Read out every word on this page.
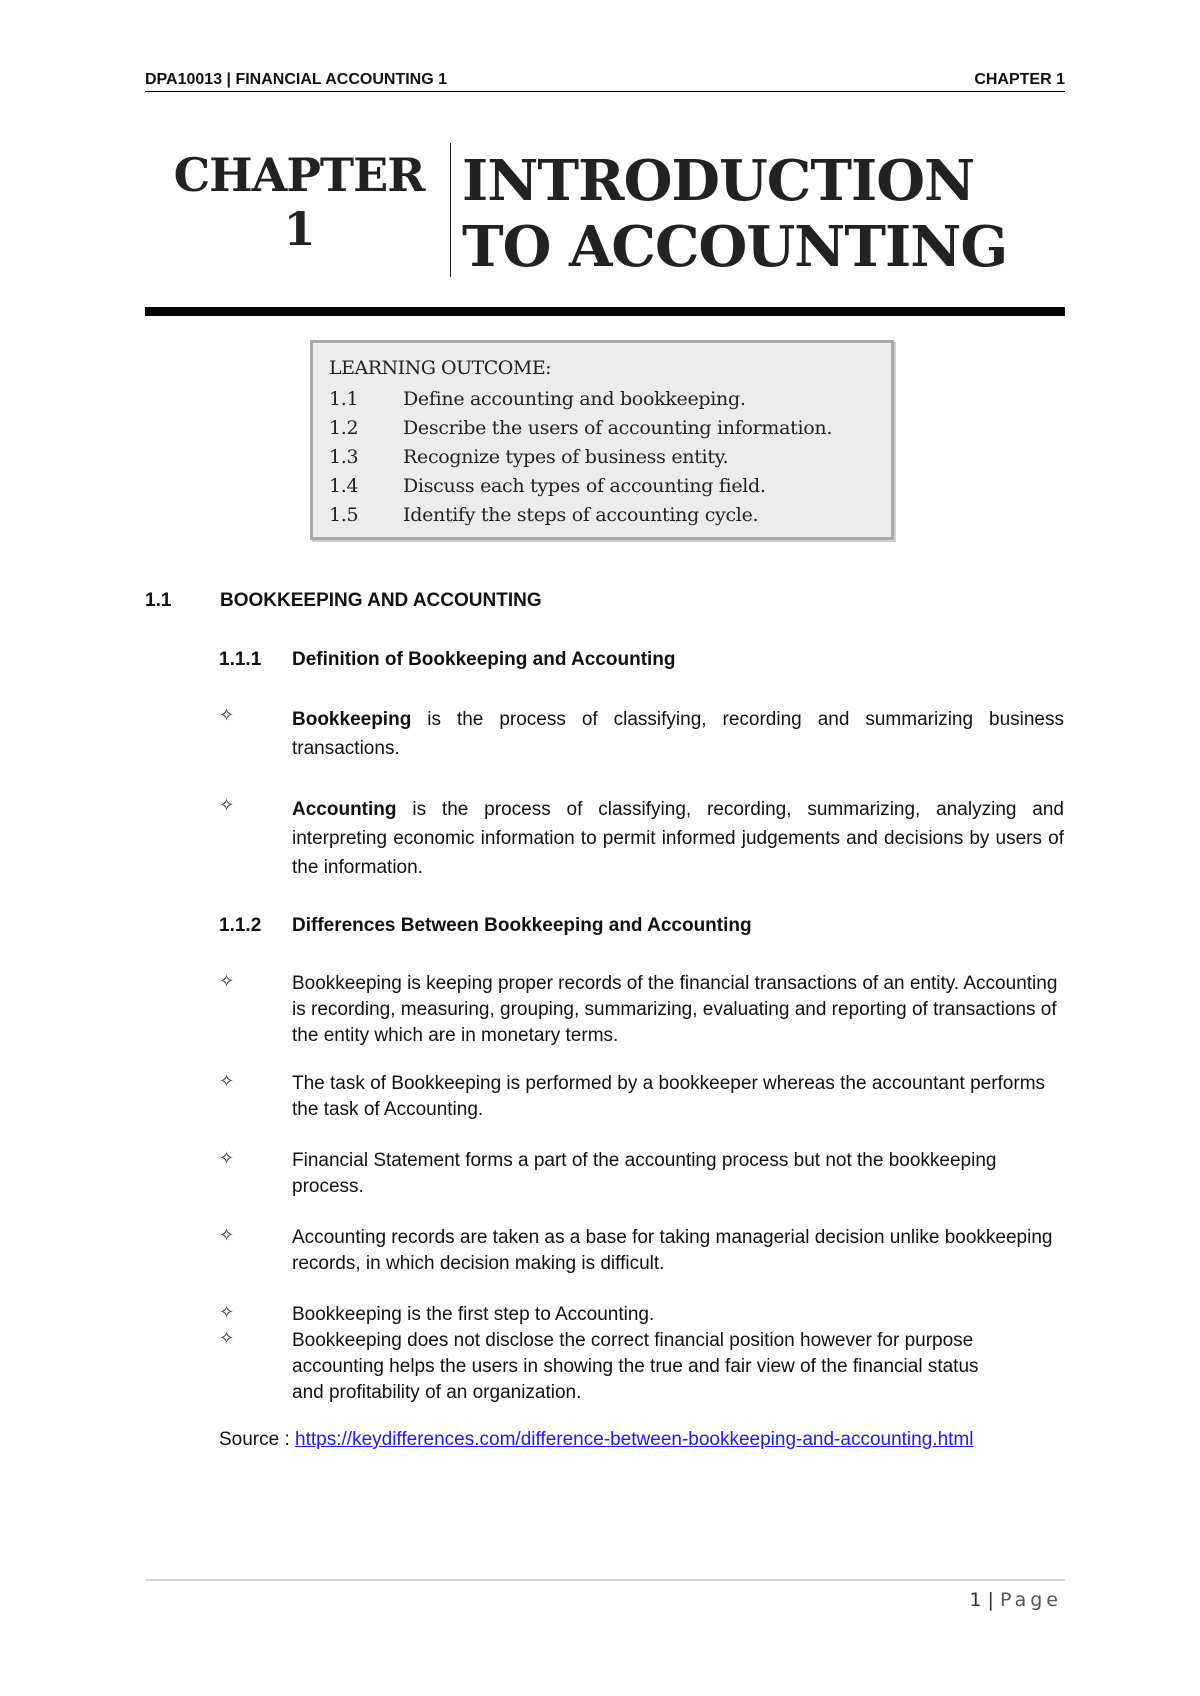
DPA10013 | FINANCIAL ACCOUNTING 1	CHAPTER 1
CHAPTER
1
INTRODUCTION
TO ACCOUNTING
LEARNING OUTCOME:
1.1	Define accounting and bookkeeping.
1.2	Describe the users of accounting information.
1.3	Recognize types of business entity.
1.4	Discuss each types of accounting field.
1.5	Identify the steps of accounting cycle.
1.1	BOOKKEEPING AND ACCOUNTING
1.1.1	Definition of Bookkeeping and Accounting
✧	Bookkeeping is the process of classifying, recording and summarizing business transactions.
✧	Accounting is the process of classifying, recording, summarizing, analyzing and interpreting economic information to permit informed judgements and decisions by users of the information.
1.1.2	Differences Between Bookkeeping and Accounting
✧	Bookkeeping is keeping proper records of the financial transactions of an entity. Accounting is recording, measuring, grouping, summarizing, evaluating and reporting of transactions of the entity which are in monetary terms.
✧	The task of Bookkeeping is performed by a bookkeeper whereas the accountant performs the task of Accounting.
✧	Financial Statement forms a part of the accounting process but not the bookkeeping process.
✧	Accounting records are taken as a base for taking managerial decision unlike bookkeeping records, in which decision making is difficult.
✧	Bookkeeping is the first step to Accounting.
✧	Bookkeeping does not disclose the correct financial position however for purpose accounting helps the users in showing the true and fair view of the financial status and profitability of an organization.
Source : https://keydifferences.com/difference-between-bookkeeping-and-accounting.html
1 | Page
